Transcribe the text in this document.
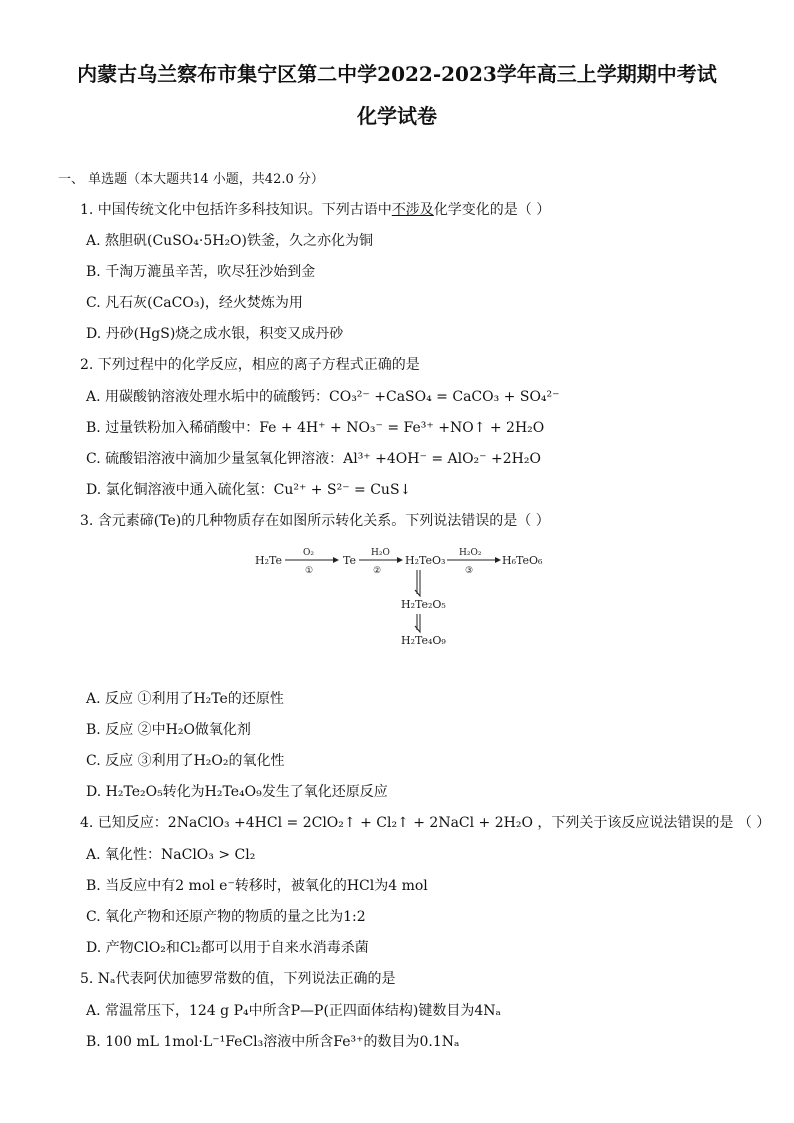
内蒙古乌兰察布市集宁区第二中学2022-2023学年高三上学期期中考试
化学试卷
一、 单选题（本大题共14 小题，共42.0 分）
1. 中国传统文化中包括许多科技知识。下列古语中不涉及化学变化的是（ ）
A. 熬胆矾(CuSO₄·5H₂O)铁釜，久之亦化为铜
B. 千淘万漉虽辛苦，吹尽狂沙始到金
C. 凡石灰(CaCO₃)，经火焚炼为用
D. 丹砂(HgS)烧之成水银，积变又成丹砂
2. 下列过程中的化学反应，相应的离子方程式正确的是
A. 用碳酸钠溶液处理水垢中的硫酸钙：CO₃²⁻ +CaSO₄ = CaCO₃ + SO₄²⁻
B. 过量铁粉加入稀硝酸中：Fe + 4H⁺ + NO₃⁻ = Fe³⁺ +NO↑ + 2H₂O
C. 硫酸铝溶液中滴加少量氢氧化钾溶液：Al³⁺ +4OH⁻ = AlO₂⁻ +2H₂O
D. 氯化铜溶液中通入硫化氢：Cu²⁺ + S²⁻ = CuS↓
3. 含元素碲(Te)的几种物质存在如图所示转化关系。下列说法错误的是（ ）
H₂Te
O₂
①
Te
H₂O
②
H₂TeO₃
H₂O₂
③
H₆TeO₆
H₂Te₂O₅
H₂Te₄O₉
A. 反应 ①利用了H₂Te的还原性
B. 反应 ②中H₂O做氧化剂
C. 反应 ③利用了H₂O₂的氧化性
D. H₂Te₂O₅转化为H₂Te₄O₉发生了氧化还原反应
4. 已知反应：2NaClO₃ +4HCl = 2ClO₂↑ + Cl₂↑ + 2NaCl + 2H₂O ，下列关于该反应说法错误的是 （ ）
A. 氧化性：NaClO₃ > Cl₂
B. 当反应中有2 mol e⁻转移时，被氧化的HCl为4 mol
C. 氧化产物和还原产物的物质的量之比为1:2
D. 产物ClO₂和Cl₂都可以用于自来水消毒杀菌
5. Nₐ代表阿伏加德罗常数的值，下列说法正确的是
A. 常温常压下，124 g P₄中所含P—P(正四面体结构)键数目为4Nₐ
B. 100 mL 1mol·L⁻¹FeCl₃溶液中所含Fe³⁺的数目为0.1Nₐ
